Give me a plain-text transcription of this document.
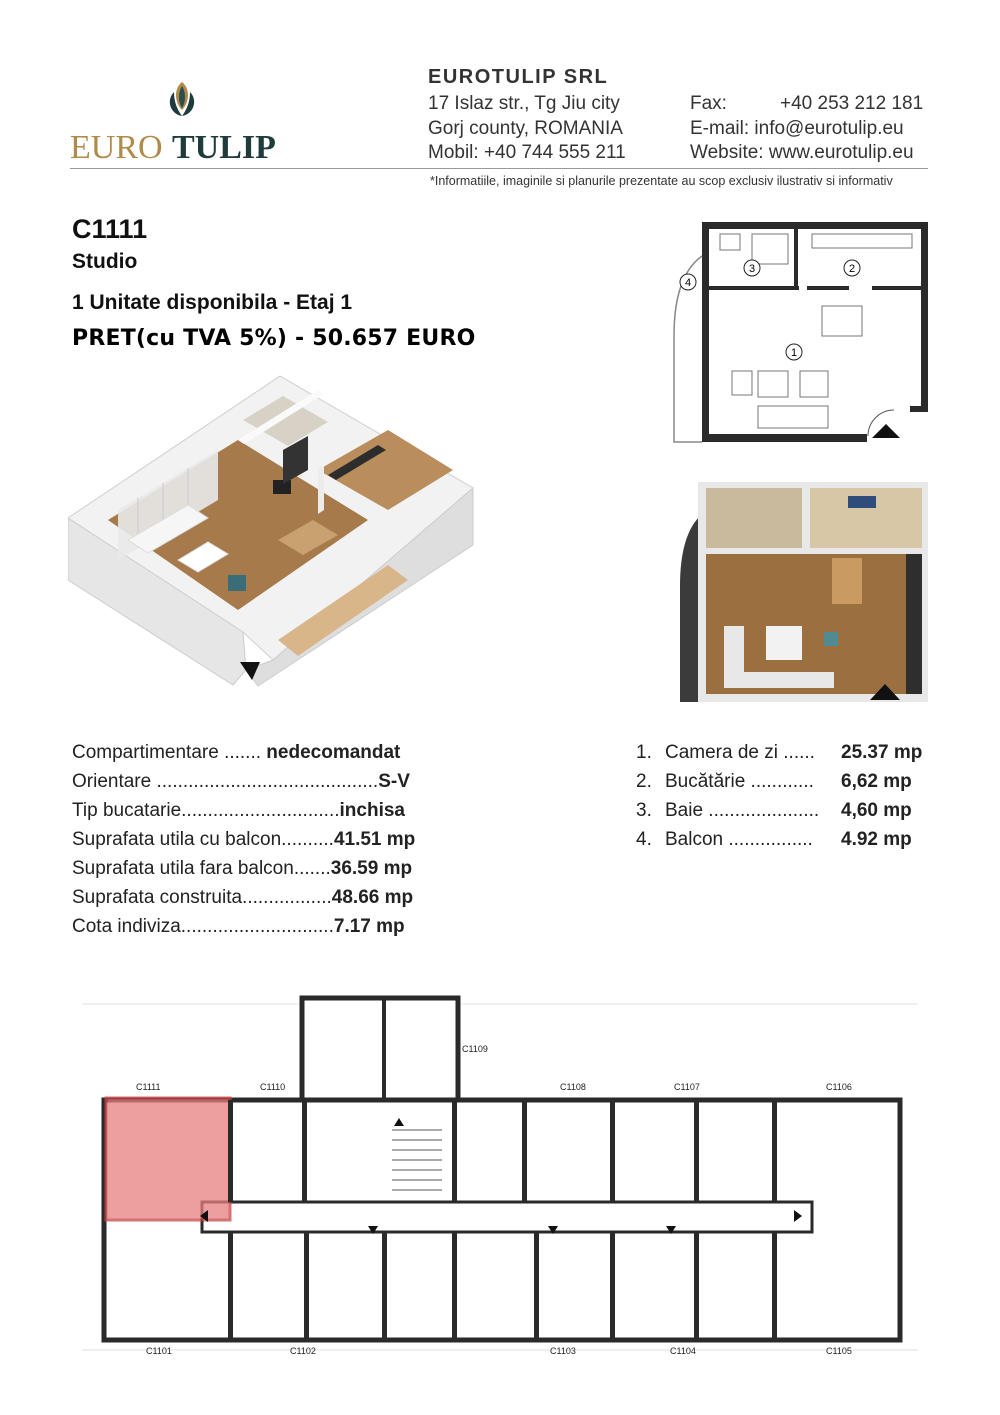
EURO TULIP
EUROTULIP SRL
17 Islaz str., Tg Jiu city	Fax:	+40 253 212 181
Gorj county, ROMANIA	E-mail: info@eurotulip.eu
Mobil: +40 744 555 211	Website: www.eurotulip.eu
*Informatiile, imaginile si planurile prezentate au scop exclusiv ilustrativ si informativ
C1111
Studio
1 Unitate disponibila - Etaj 1
PRET(cu TVA 5%) - 50.657 EURO
3	2
1
4
Compartimentare ....... nedecomandat
Orientare ..........................................S-V
Tip bucatarie..............................inchisa
Suprafata utila cu balcon..........41.51 mp
Suprafata utila fara balcon.......36.59 mp
Suprafata construita.................48.66 mp
Cota indiviza.............................7.17 mp
1. Camera de zi ......	25.37 mp
2. Bucătărie ............	6,62 mp
3. Baie .....................	4,60 mp
4. Balcon ................	4.92 mp
C1111	C1110
C1109
C1108	C1107	C1106
C1101	C1102	C1103	C1104	C1105
